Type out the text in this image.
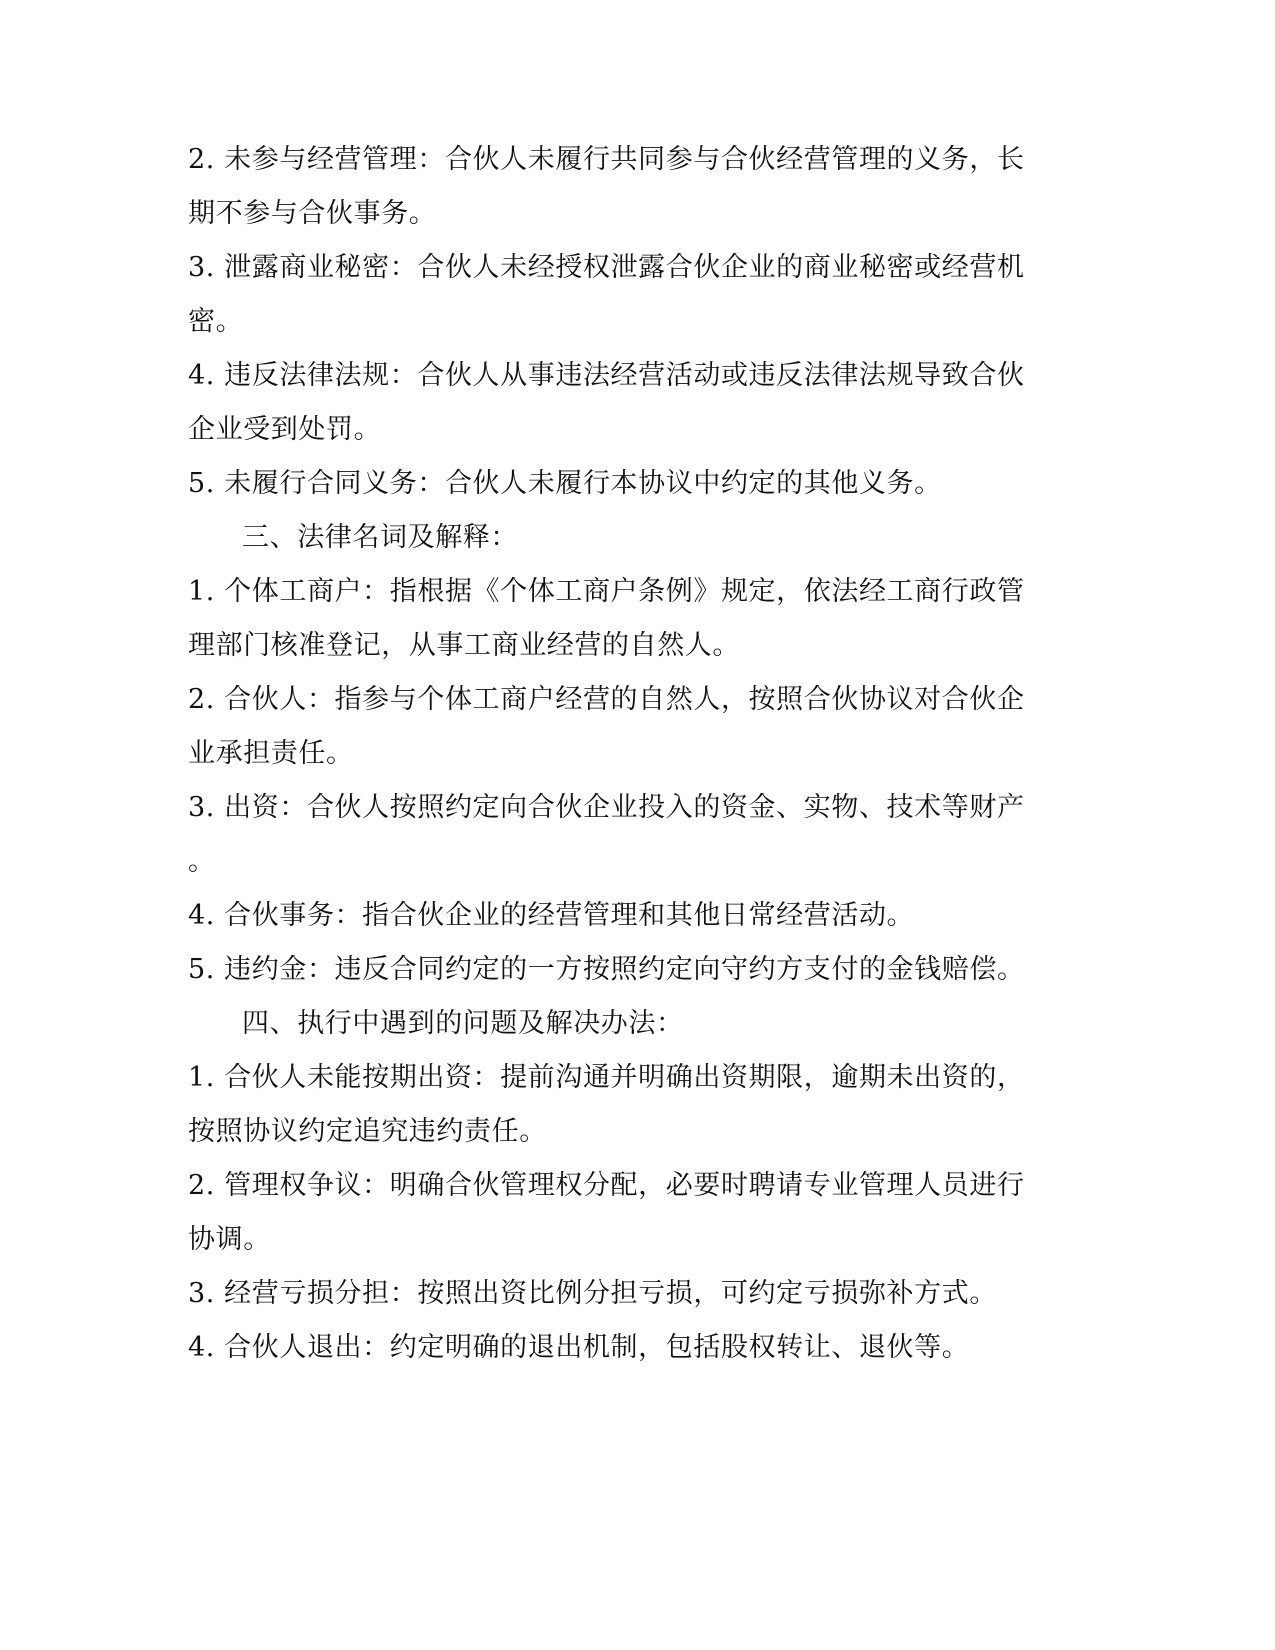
2. 未参与经营管理：合伙人未履行共同参与合伙经营管理的义务，长
期不参与合伙事务。
3. 泄露商业秘密：合伙人未经授权泄露合伙企业的商业秘密或经营机
密。
4. 违反法律法规：合伙人从事违法经营活动或违反法律法规导致合伙
企业受到处罚。
5. 未履行合同义务：合伙人未履行本协议中约定的其他义务。
三、法律名词及解释：
1. 个体工商户：指根据《个体工商户条例》规定，依法经工商行政管
理部门核准登记，从事工商业经营的自然人。
2. 合伙人：指参与个体工商户经营的自然人，按照合伙协议对合伙企
业承担责任。
3. 出资：合伙人按照约定向合伙企业投入的资金、实物、技术等财产
。
4. 合伙事务：指合伙企业的经营管理和其他日常经营活动。
5. 违约金：违反合同约定的一方按照约定向守约方支付的金钱赔偿。
四、执行中遇到的问题及解决办法：
1. 合伙人未能按期出资：提前沟通并明确出资期限，逾期未出资的，
按照协议约定追究违约责任。
2. 管理权争议：明确合伙管理权分配，必要时聘请专业管理人员进行
协调。
3. 经营亏损分担：按照出资比例分担亏损，可约定亏损弥补方式。
4. 合伙人退出：约定明确的退出机制，包括股权转让、退伙等。
